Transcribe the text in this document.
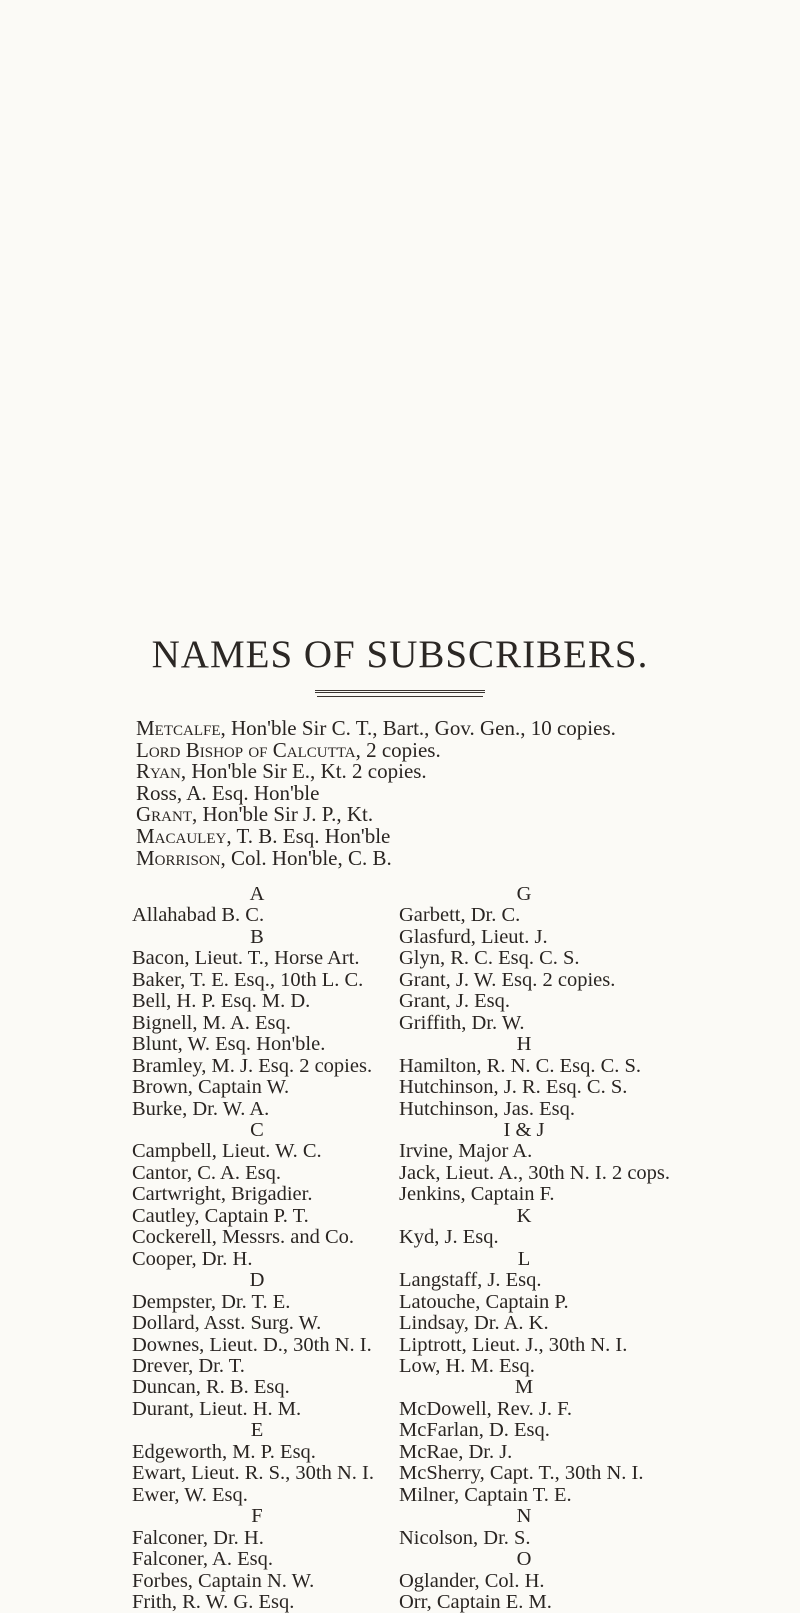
NAMES OF SUBSCRIBERS.
Metcalfe, Hon'ble Sir C. T., Bart., Gov. Gen., 10 copies.
Lord Bishop of Calcutta, 2 copies.
Ryan, Hon'ble Sir E., Kt. 2 copies.
Ross, A. Esq. Hon'ble
Grant, Hon'ble Sir J. P., Kt.
Macauley, T. B. Esq. Hon'ble
Morrison, Col. Hon'ble, C. B.
A
Allahabad B. C.
B
Bacon, Lieut. T., Horse Art.
Baker, T. E. Esq., 10th L. C.
Bell, H. P. Esq. M. D.
Bignell, M. A. Esq.
Blunt, W. Esq. Hon'ble.
Bramley, M. J. Esq. 2 copies.
Brown, Captain W.
Burke, Dr. W. A.
C
Campbell, Lieut. W. C.
Cantor, C. A. Esq.
Cartwright, Brigadier.
Cautley, Captain P. T.
Cockerell, Messrs. and Co.
Cooper, Dr. H.
D
Dempster, Dr. T. E.
Dollard, Asst. Surg. W.
Downes, Lieut. D., 30th N. I.
Drever, Dr. T.
Duncan, R. B. Esq.
Durant, Lieut. H. M.
E
Edgeworth, M. P. Esq.
Ewart, Lieut. R. S., 30th N. I.
Ewer, W. Esq.
F
Falconer, Dr. H.
Falconer, A. Esq.
Forbes, Captain N. W.
Frith, R. W. G. Esq.
G
Garbett, Dr. C.
Glasfurd, Lieut. J.
Glyn, R. C. Esq. C. S.
Grant, J. W. Esq. 2 copies.
Grant, J. Esq.
Griffith, Dr. W.
H
Hamilton, R. N. C. Esq. C. S.
Hutchinson, J. R. Esq. C. S.
Hutchinson, Jas. Esq.
I & J
Irvine, Major A.
Jack, Lieut. A., 30th N. I. 2 cops.
Jenkins, Captain F.
K
Kyd, J. Esq.
L
Langstaff, J. Esq.
Latouche, Captain P.
Lindsay, Dr. A. K.
Liptrott, Lieut. J., 30th N. I.
Low, H. M. Esq.
M
McDowell, Rev. J. F.
McFarlan, D. Esq.
McRae, Dr. J.
McSherry, Capt. T., 30th N. I.
Milner, Captain T. E.
N
Nicolson, Dr. S.
O
Oglander, Col. H.
Orr, Captain E. M.
